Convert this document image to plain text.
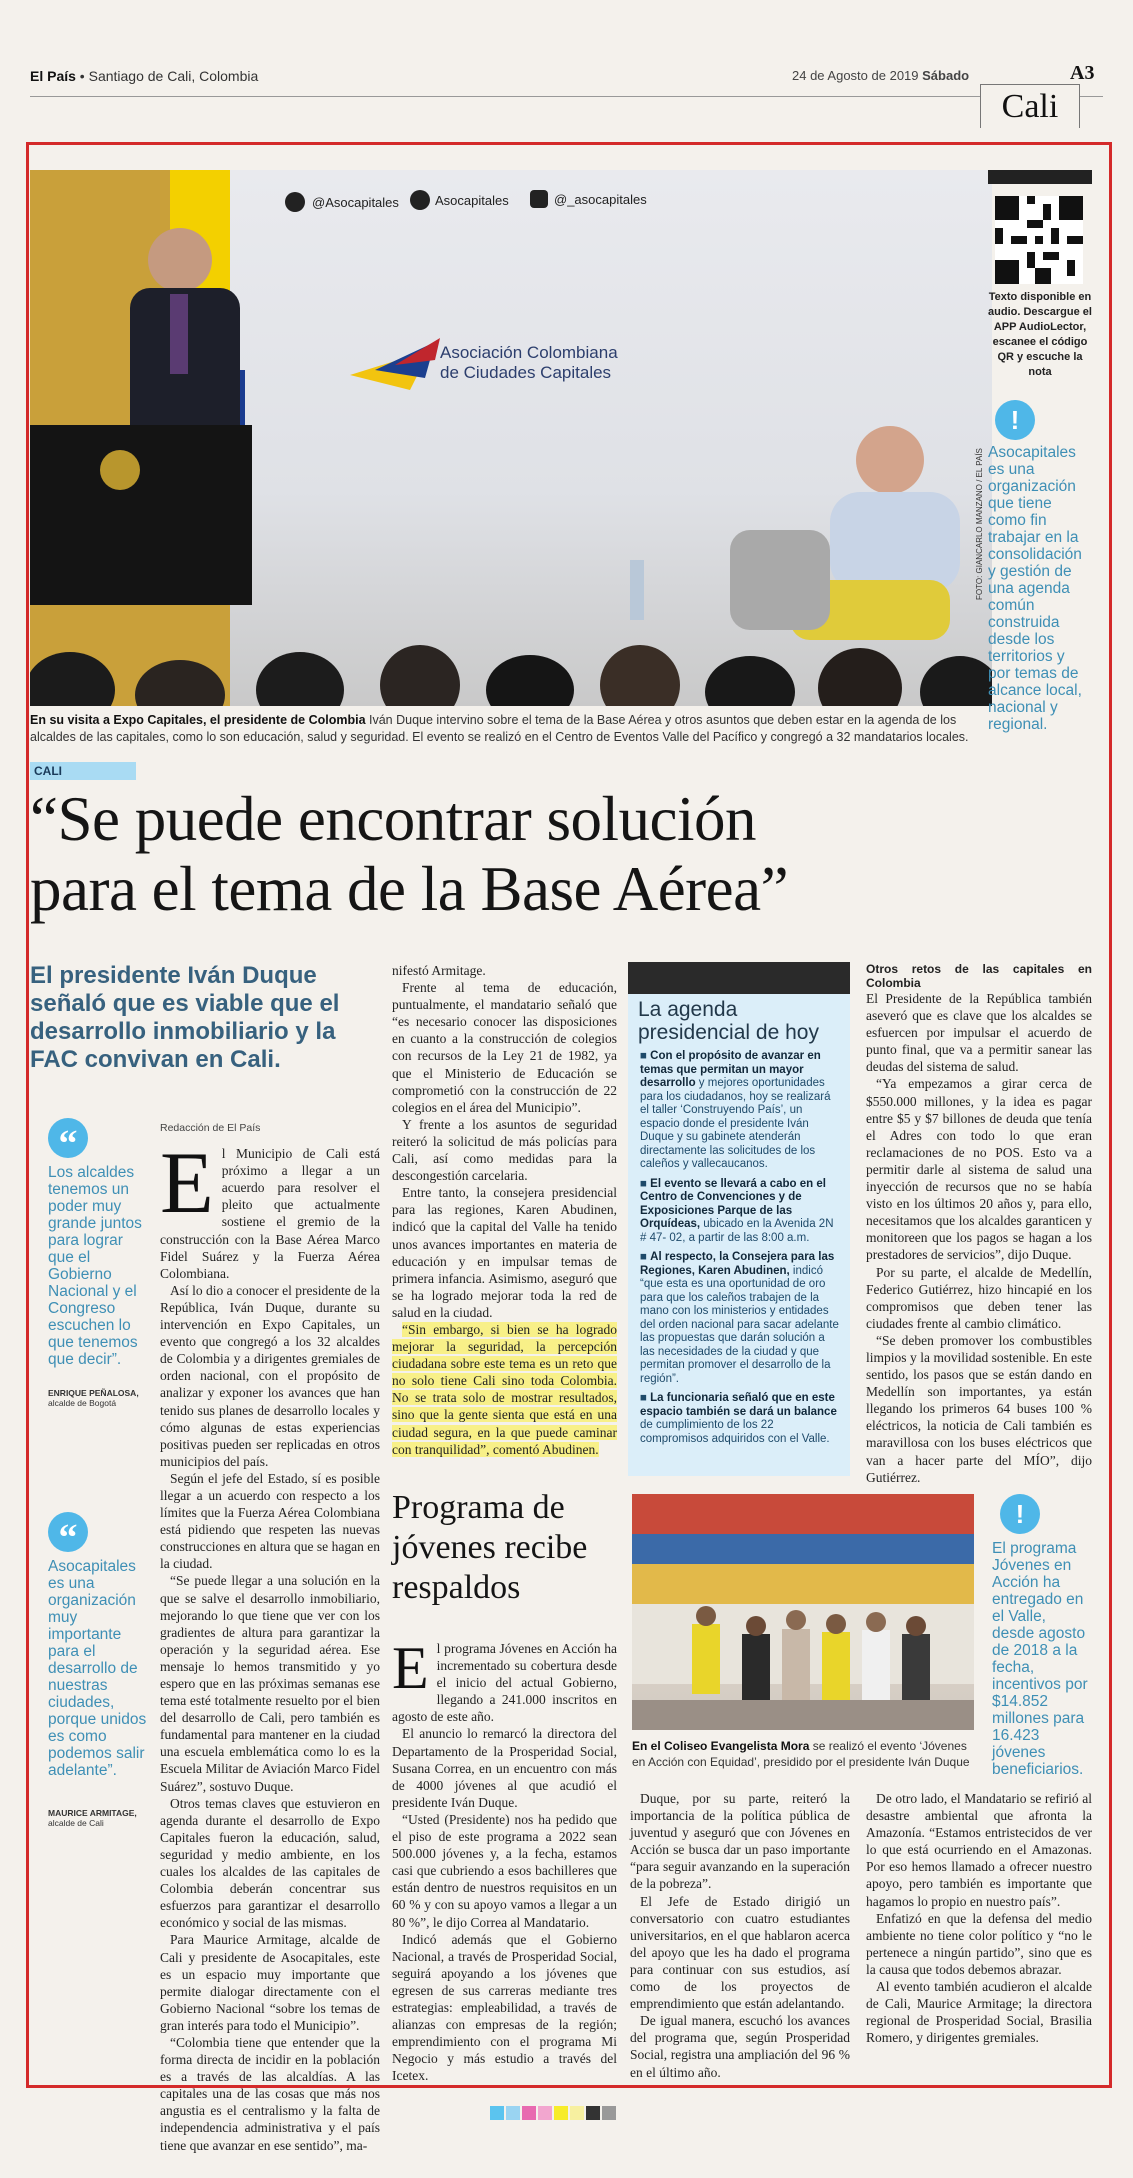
El País • Santiago de Cali, Colombia	24 de Agosto de 2019 Sábado	A3
Cali
@Asocapitales	Asocapitales	@_asocapitales
Asociación Colombiana
de Ciudades Capitales
FOTO: GIANCARLO MANZANO / EL PAÍS
En su visita a Expo Capitales, el presidente de Colombia Iván Duque intervino sobre el tema de la Base Aérea y otros asuntos que deben estar en la agenda de los alcaldes de las capitales, como lo son educación, salud y seguridad. El evento se realizó en el Centro de Eventos Valle del Pacífico y congregó a 32 mandatarios locales.
Texto disponible en audio. Descargue el APP AudioLector, escanee el código QR y escuche la nota
!
Asocapitales es una organización que tiene como fin trabajar en la consolidación y gestión de una agenda común construida desde los territorios y por temas de alcance local, nacional y regional.
CALI
“Se puede encontrar solución
para el tema de la Base Aérea”
El presidente Iván Duque señaló que es viable que el desarrollo inmobiliario y la FAC convivan en Cali.
“
Los alcaldes tenemos un poder muy grande juntos para lograr que el Gobierno Nacional y el Congreso escuchen lo que tenemos que decir”.
ENRIQUE PEÑALOSA, alcalde de Bogotá
“
Asocapitales es una organización muy importante para el desarrollo de nuestras ciudades, porque unidos es como podemos salir adelante”.
MAURICE ARMITAGE, alcalde de Cali
Redacción de El País
El Municipio de Cali está próximo a llegar a un acuerdo para resolver el pleito que actualmente sostiene el gremio de la construcción con la Base Aérea Marco Fidel Suárez y la Fuerza Aérea Colombiana.

Así lo dio a conocer el presidente de la República, Iván Duque, durante su intervención en Expo Capitales, un evento que congregó a los 32 alcaldes de Colombia y a dirigentes gremiales de orden nacional, con el propósito de analizar y exponer los avances que han tenido sus planes de desarrollo locales y cómo algunas de estas experiencias positivas pueden ser replicadas en otros municipios del país.

Según el jefe del Estado, sí es posible llegar a un acuerdo con respecto a los límites que la Fuerza Aérea Colombiana está pidiendo que respeten las nuevas construcciones en altura que se hagan en la ciudad.

“Se puede llegar a una solución en la que se salve el desarrollo inmobiliario, mejorando lo que tiene que ver con los gradientes de altura para garantizar la operación y la seguridad aérea. Ese mensaje lo hemos transmitido y yo espero que en las próximas semanas ese tema esté totalmente resuelto por el bien del desarrollo de Cali, pero también es fundamental para mantener en la ciudad una escuela emblemática como lo es la Escuela Militar de Aviación Marco Fidel Suárez”, sostuvo Duque.

Otros temas claves que estuvieron en agenda durante el desarrollo de Expo Capitales fueron la educación, salud, seguridad y medio ambiente, en los cuales los alcaldes de las capitales de Colombia deberán concentrar sus esfuerzos para garantizar el desarrollo económico y social de las mismas.

Para Maurice Armitage, alcalde de Cali y presidente de Asocapitales, este es un espacio muy importante que permite dialogar directamente con el Gobierno Nacional “sobre los temas de gran interés para todo el Municipio”.

“Colombia tiene que entender que la forma directa de incidir en la población es a través de las alcaldías. A las capitales una de las cosas que más nos angustia es el centralismo y la falta de independencia administrativa y el país tiene que avanzar en ese sentido”, ma-

nifestó Armitage.

Frente al tema de educación, puntualmente, el mandatario señaló que “es necesario conocer las disposiciones en cuanto a la construcción de colegios con recursos de la Ley 21 de 1982, ya que el Ministerio de Educación se comprometió con la construcción de 22 colegios en el área del Municipio”.

Y frente a los asuntos de seguridad reiteró la solicitud de más policías para Cali, así como medidas para la descongestión carcelaria.

Entre tanto, la consejera presidencial para las regiones, Karen Abudinen, indicó que la capital del Valle ha tenido unos avances importantes en materia de educación y en impulsar temas de primera infancia. Asimismo, aseguró que se ha logrado mejorar toda la red de salud en la ciudad.

“Sin embargo, si bien se ha logrado mejorar la seguridad, la percepción ciudadana sobre este tema es un reto que no solo tiene Cali sino toda Colombia. No se trata solo de mostrar resultados, sino que la gente sienta que está en una ciudad segura, en la que puede caminar con tranquilidad”, comentó Abudinen.

La agenda presidencial de hoy
■ Con el propósito de avanzar en temas que permitan un mayor desarrollo y mejores oportunidades para los ciudadanos, hoy se realizará el taller ‘Construyendo País’, un espacio donde el presidente Iván Duque y su gabinete atenderán directamente las solicitudes de los caleños y vallecaucanos.
■ El evento se llevará a cabo en el Centro de Convenciones y de Exposiciones Parque de las Orquídeas, ubicado en la Avenida 2N # 47- 02, a partir de las 8:00 a.m.
■ Al respecto, la Consejera para las Regiones, Karen Abudinen, indicó “que esta es una oportunidad de oro para que los caleños trabajen de la mano con los ministerios y entidades del orden nacional para sacar adelante las propuestas que darán solución a las necesidades de la ciudad y que permitan promover el desarrollo de la región”.
■ La funcionaria señaló que en este espacio también se dará un balance de cumplimiento de los 22 compromisos adquiridos con el Valle.
Otros retos de las capitales en Colombia
El Presidente de la República también aseveró que es clave que los alcaldes se esfuercen por impulsar el acuerdo de punto final, que va a permitir sanear las deudas del sistema de salud.

“Ya empezamos a girar cerca de $550.000 millones, y la idea es pagar entre $5 y $7 billones de deuda que tenía el Adres con todo lo que eran reclamaciones de no POS. Esto va a permitir darle al sistema de salud una inyección de recursos que no se había visto en los últimos 20 años y, para ello, necesitamos que los alcaldes garanticen y monitoreen que los pagos se hagan a los prestadores de servicios”, dijo Duque.

Por su parte, el alcalde de Medellín, Federico Gutiérrez, hizo hincapié en los compromisos que deben tener las ciudades frente al cambio climático.

“Se deben promover los combustibles limpios y la movilidad sostenible. En este sentido, los pasos que se están dando en Medellín son importantes, ya están llegando los primeros 64 buses 100 % eléctricos, la noticia de Cali también es maravillosa con los buses eléctricos que van a hacer parte del MÍO”, dijo Gutiérrez.

Programa de jóvenes recibe respaldos
En el Coliseo Evangelista Mora se realizó el evento ‘Jóvenes en Acción con Equidad’, presidido por el presidente Iván Duque
!
El programa Jóvenes en Acción ha entregado en el Valle, desde agosto de 2018 a la fecha, incentivos por $14.852 millones para 16.423 jóvenes beneficiarios.
El programa Jóvenes en Acción ha incrementado su cobertura desde el inicio del actual Gobierno, llegando a 241.000 inscritos en agosto de este año.

El anuncio lo remarcó la directora del Departamento de la Prosperidad Social, Susana Correa, en un encuentro con más de 4000 jóvenes al que acudió el presidente Iván Duque.

“Usted (Presidente) nos ha pedido que el piso de este programa a 2022 sean 500.000 jóvenes y, a la fecha, estamos casi que cubriendo a esos bachilleres que están dentro de nuestros requisitos en un 60 % y con su apoyo vamos a llegar a un 80 %”, le dijo Correa al Mandatario.

Indicó además que el Gobierno Nacional, a través de Prosperidad Social, seguirá apoyando a los jóvenes que egresen de sus carreras mediante tres estrategias: empleabilidad, a través de alianzas con empresas de la región; emprendimiento con el programa Mi Negocio y más estudio a través del Icetex.

Duque, por su parte, reiteró la importancia de la política pública de juventud y aseguró que con Jóvenes en Acción se busca dar un paso importante “para seguir avanzando en la superación de la pobreza”.

El Jefe de Estado dirigió un conversatorio con cuatro estudiantes universitarios, en el que hablaron acerca del apoyo que les ha dado el programa para continuar con sus estudios, así como de los proyectos de emprendimiento que están adelantando.

De igual manera, escuchó los avances del programa que, según Prosperidad Social, registra una ampliación del 96 % en el último año.

De otro lado, el Mandatario se refirió al desastre ambiental que afronta la Amazonía. “Estamos entristecidos de ver lo que está ocurriendo en el Amazonas. Por eso hemos llamado a ofrecer nuestro apoyo, pero también es importante que hagamos lo propio en nuestro país”.

Enfatizó en que la defensa del medio ambiente no tiene color político y “no le pertenece a ningún partido”, sino que es la causa que todos debemos abrazar.

Al evento también acudieron el alcalde de Cali, Maurice Armitage; la directora regional de Prosperidad Social, Brasilia Romero, y dirigentes gremiales.
